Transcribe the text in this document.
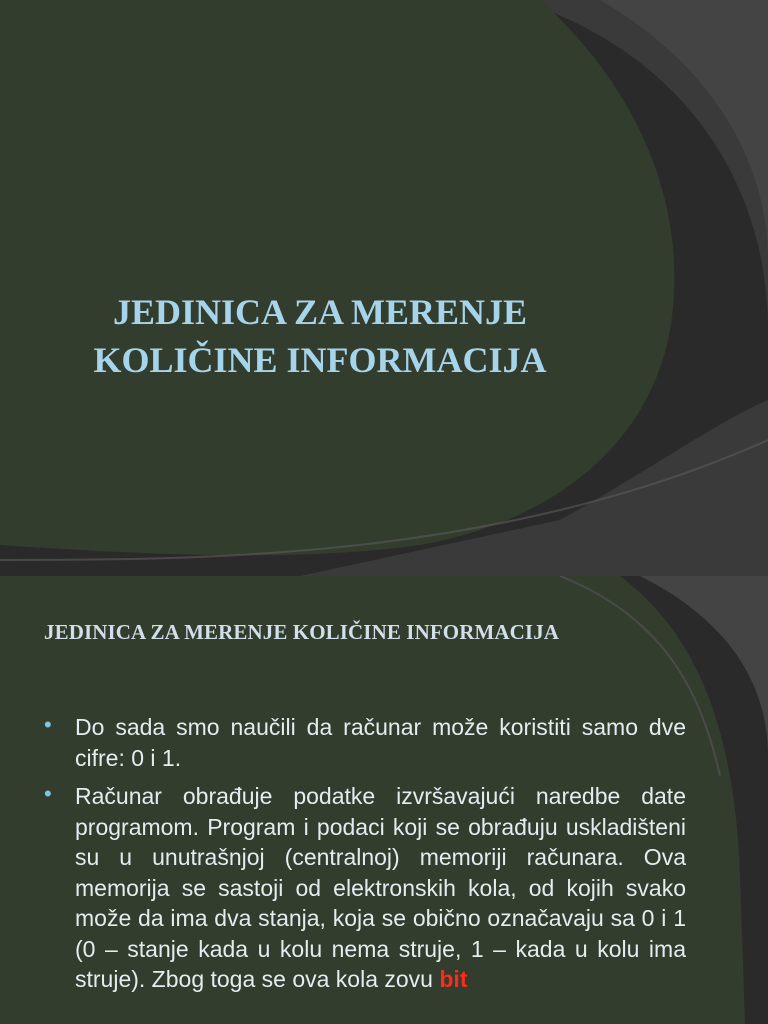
JEDINICA ZA MERENJE
KOLIČINE INFORMACIJA
JEDINICA ZA MERENJE KOLIČINE INFORMACIJA
• Do sada smo naučili da računar može koristiti samo dve cifre: 0 i 1.
• Računar obrađuje podatke izvršavajući naredbe date programom. Program i podaci koji se obrađuju uskladišteni su u unutrašnjoj (centralnoj) memoriji računara. Ova memorija se sastoji od elektronskih kola, od kojih svako može da ima dva stanja, koja se obično označavaju sa 0 i 1 (0 – stanje kada u kolu nema struje, 1 – kada u kolu ima struje). Zbog toga se ova kola zovu bit
